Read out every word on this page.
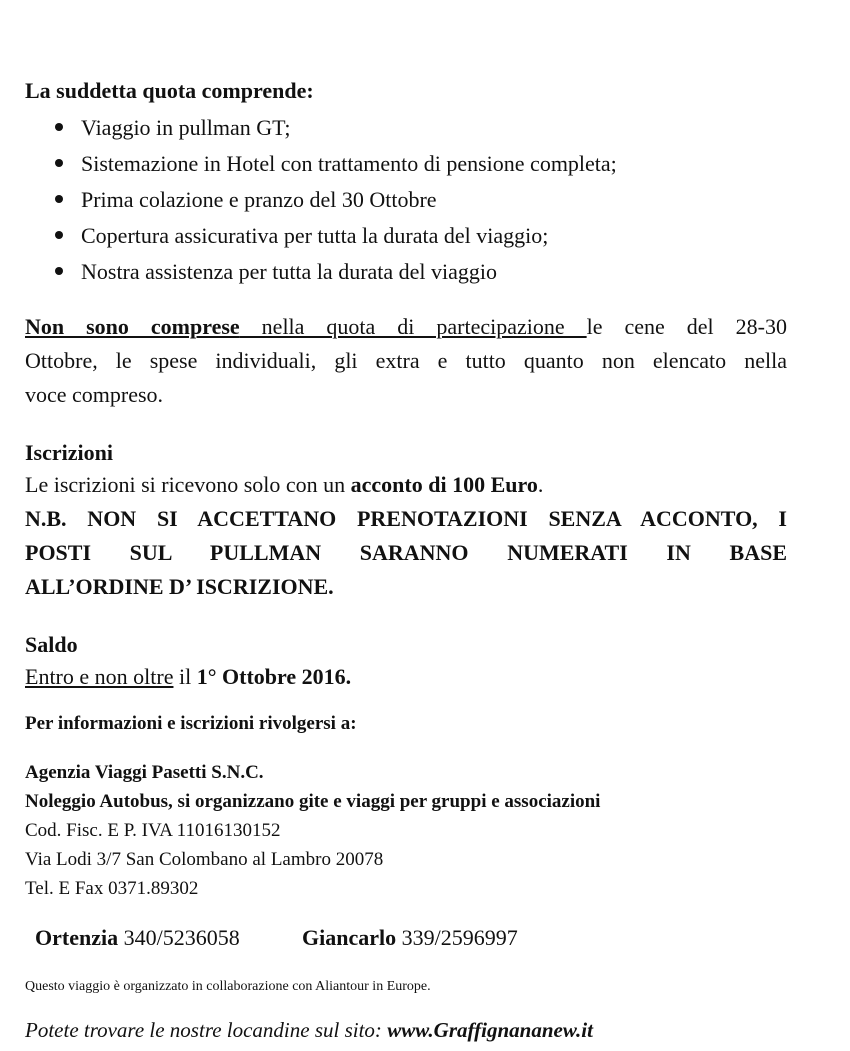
La suddetta quota comprende:
Viaggio in pullman GT;
Sistemazione in Hotel con trattamento di pensione completa;
Prima colazione e pranzo del 30 Ottobre
Copertura assicurativa per tutta la durata del viaggio;
Nostra assistenza per tutta la durata del viaggio
Non sono comprese nella quota di partecipazione le cene del 28-30
Ottobre, le spese individuali, gli extra e tutto quanto non elencato nella
voce compreso.
Iscrizioni
Le iscrizioni si ricevono solo con un acconto di 100 Euro.
N.B. NON SI ACCETTANO PRENOTAZIONI SENZA ACCONTO, I
POSTI SUL PULLMAN SARANNO NUMERATI IN BASE
ALL’ORDINE D’ ISCRIZIONE.
Saldo
Entro e non oltre il 1° Ottobre 2016.
Per informazioni e iscrizioni rivolgersi a:
Agenzia Viaggi Pasetti S.N.C.
Noleggio Autobus, si organizzano gite e viaggi per gruppi e associazioni
Cod. Fisc. E P. IVA 11016130152
Via Lodi 3/7 San Colombano al Lambro 20078
Tel. E Fax 0371.89302
Ortenzia 340/5236058	Giancarlo 339/2596997
Questo viaggio è organizzato in collaborazione con Aliantour in Europe.
Potete trovare le nostre locandine sul sito: www.Graffignananew.it
